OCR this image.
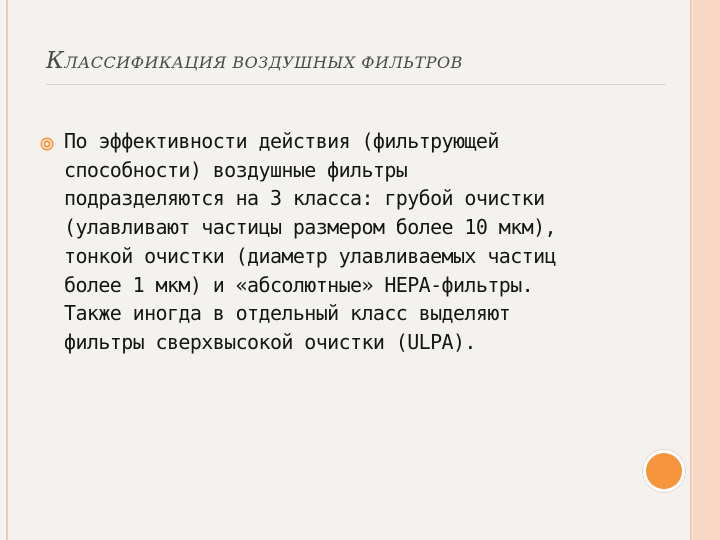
КЛАССИФИКАЦИЯ ВОЗДУШНЫХ ФИЛЬТРОВ
По эффективности действия (фильтрующей
способности) воздушные фильтры
подразделяются на 3 класса: грубой очистки
(улавливают частицы размером более 10 мкм),
тонкой очистки (диаметр улавливаемых частиц
более 1 мкм) и «абсолютные» HEPA-фильтры.
Также иногда в отдельный класс выделяют
фильтры сверхвысокой очистки (ULPA).
